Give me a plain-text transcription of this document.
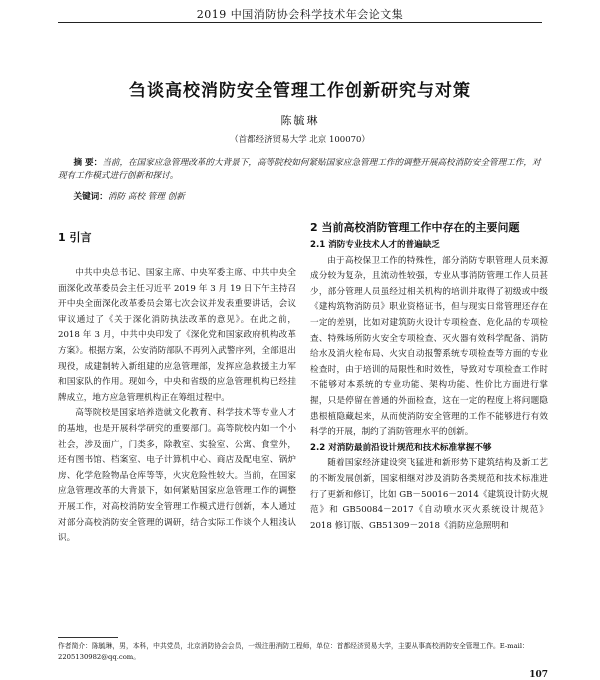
2019 中国消防协会科学技术年会论文集
刍谈高校消防安全管理工作创新研究与对策
陈毓琳
（首都经济贸易大学 北京 100070）
摘 要：当前，在国家应急管理改革的大背景下，高等院校如何紧贴国家应急管理工作的调整开展高校消防安全管理工作，对现有工作模式进行创新和探讨。
关键词：消防 高校 管理 创新
1 引言

中共中央总书记、国家主席、中央军委主席、中共中央全面深化改革委员会主任习近平 2019 年 3 月 19 日下午主持召开中央全面深化改革委员会第七次会议并发表重要讲话，会议审议通过了《关于深化消防执法改革的意见》。在此之前，2018 年 3 月，中共中央印发了《深化党和国家政府机构改革方案》。根据方案，公安消防部队不再列入武警序列，全部退出现役，成建制转入新组建的应急管理部，发挥应急救援主力军和国家队的作用。现如今，中央和省级的应急管理机构已经挂牌成立，地方应急管理机构正在筹组过程中。

高等院校是国家培养造就文化教育、科学技术等专业人才的基地，也是开展科学研究的重要部门。高等院校内如一个小社会，涉及面广，门类多，除教室、实验室、公寓、食堂外，还有图书馆、档案室、电子计算机中心、商店及配电室、锅炉房、化学危险物品仓库等等，火灾危险性较大。当前，在国家应急管理改革的大背景下，如何紧贴国家应急管理工作的调整开展工作，对高校消防安全管理工作模式进行创新，本人通过对部分高校消防安全管理的调研，结合实际工作谈个人粗浅认识。

2 当前高校消防管理工作中存在的主要问题
2.1 消防专业技术人才的普遍缺乏

由于高校保卫工作的特殊性，部分消防专职管理人员来源成分较为复杂，且流动性较强，专业从事消防管理工作人员甚少，部分管理人员虽经过相关机构的培训并取得了初级或中级《建构筑物消防员》职业资格证书，但与现实日常管理还存在一定的差别，比如对建筑防火设计专项检查、危化品的专项检查、特殊场所防火安全专项检查、灭火器有效科学配备、消防给水及消火栓布局、火灾自动报警系统专项检查等方面的专业检查时，由于培训的局限性和时效性，导致对专项检查工作时不能够对本系统的专业功能、架构功能、性价比方面进行掌握，只是停留在普通的外面检查，这在一定的程度上将问题隐患根植隐藏起来，从而使消防安全管理的工作不能够进行有效科学的开展，制约了消防管理水平的创新。

2.2 对消防最前沿设计规范和技术标准掌握不够

随着国家经济建设突飞猛进和新形势下建筑结构及新工艺的不断发展创新，国家相继对涉及消防各类规范和技术标准进行了更新和修订，比如 GB－50016－2014《建筑设计防火规范》和 GB50084－2017《自动喷水灭火系统设计规范》2018 修订版、GB51309－2018《消防应急照明和

作者简介：陈毓琳，男，本科，中共党员，北京消防协会会员，一级注册消防工程师，单位：首都经济贸易大学，主要从事高校消防安全管理工作。E-mail：2205130982@qq.com。
107
